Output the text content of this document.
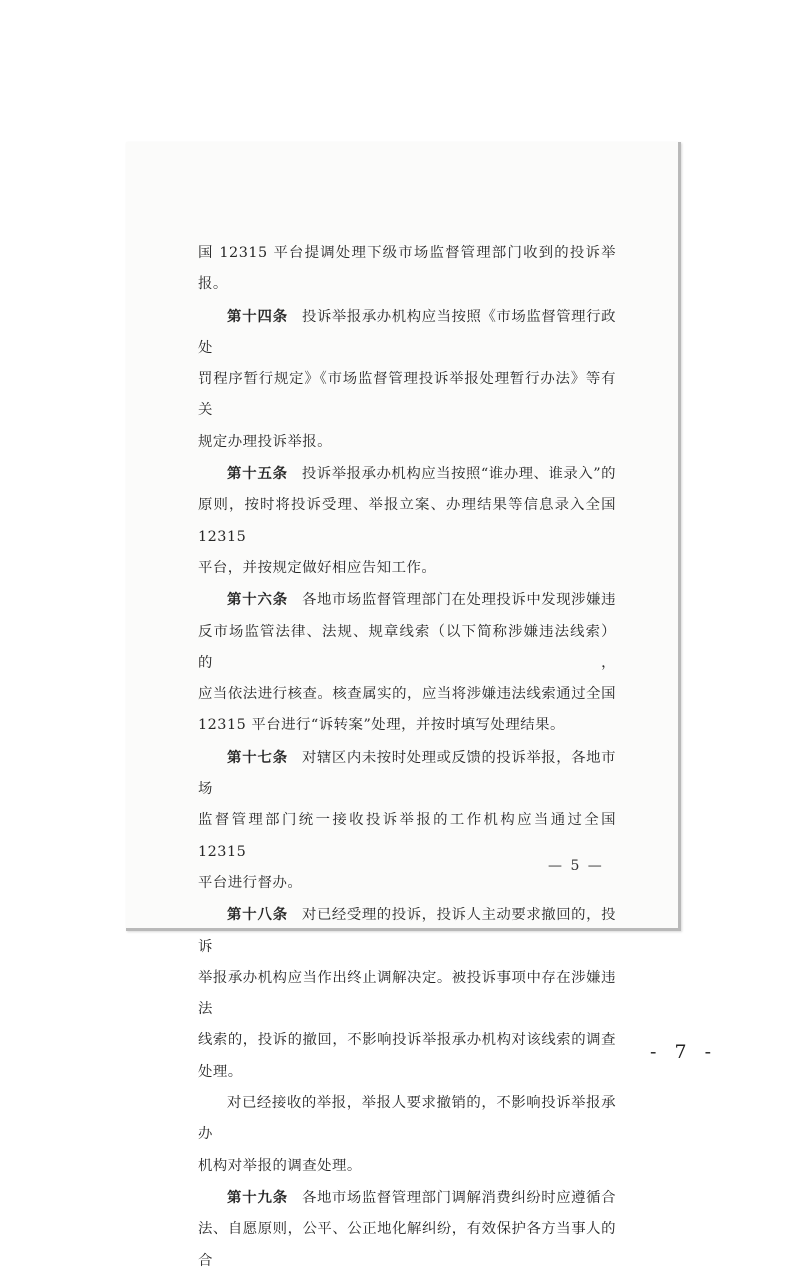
国 12315 平台提调处理下级市场监督管理部门收到的投诉举报。

第十四条 投诉举报承办机构应当按照《市场监督管理行政处

罚程序暂行规定》《市场监督管理投诉举报处理暂行办法》等有关

规定办理投诉举报。

第十五条 投诉举报承办机构应当按照“谁办理、谁录入”的

原则，按时将投诉受理、举报立案、办理结果等信息录入全国 12315

平台，并按规定做好相应告知工作。

第十六条 各地市场监督管理部门在处理投诉中发现涉嫌违

反市场监管法律、法规、规章线索（以下简称涉嫌违法线索）的，

应当依法进行核查。核查属实的，应当将涉嫌违法线索通过全国

12315 平台进行“诉转案”处理，并按时填写处理结果。

第十七条 对辖区内未按时处理或反馈的投诉举报，各地市场

监督管理部门统一接收投诉举报的工作机构应当通过全国 12315

平台进行督办。

第十八条 对已经受理的投诉，投诉人主动要求撤回的，投诉

举报承办机构应当作出终止调解决定。被投诉事项中存在涉嫌违法

线索的，投诉的撤回，不影响投诉举报承办机构对该线索的调查

处理。

对已经接收的举报，举报人要求撤销的，不影响投诉举报承办

机构对举报的调查处理。

第十九条 各地市场监督管理部门调解消费纠纷时应遵循合

法、自愿原则，公平、公正地化解纠纷，有效保护各方当事人的合

— 5 —
- 7 -
